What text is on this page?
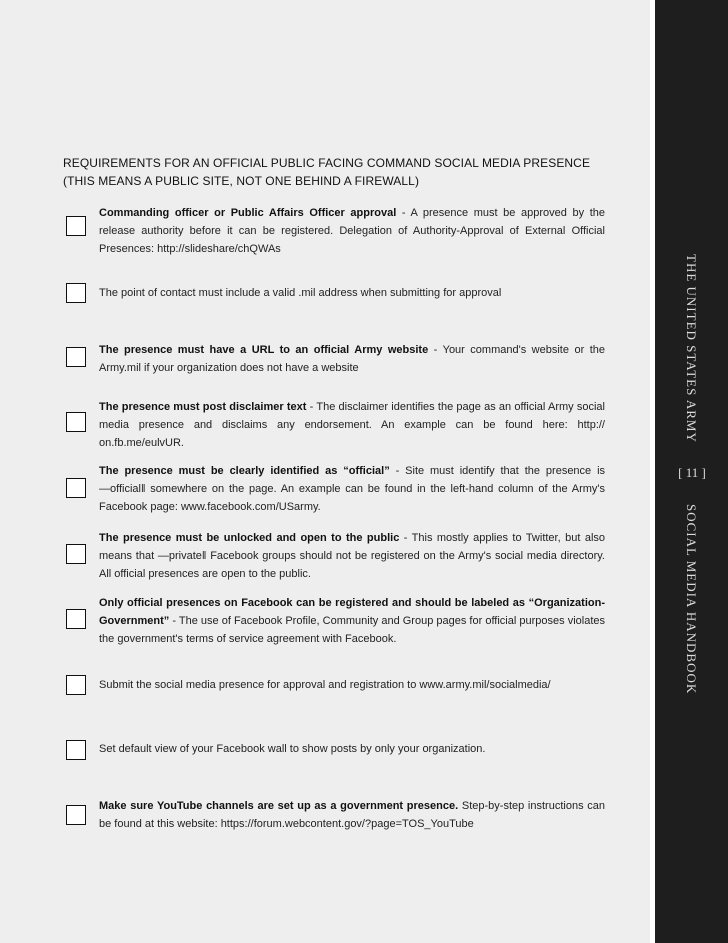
REQUIREMENTS FOR AN OFFICIAL PUBLIC FACING COMMAND SOCIAL MEDIA PRESENCE
(THIS MEANS A PUBLIC SITE, NOT ONE BEHIND A FIREWALL)
Commanding officer or Public Affairs Officer approval - A presence must be approved by the release authority before it can be registered. Delegation of Authority-Approval of External Official Presences: http://slideshare/chQWAs
The point of contact must include a valid .mil address when submitting for approval
The presence must have a URL to an official Army website - Your command's website or the Army.mil if your organization does not have a website
The presence must post disclaimer text - The disclaimer identifies the page as an official Army social media presence and disclaims any endorsement. An example can be found here: http:// on.fb.me/eulvUR.
The presence must be clearly identified as “official” - Site must identify that the presence is ―officialǁ somewhere on the page. An example can be found in the left-hand column of the Army's Facebook page: www.facebook.com/USarmy.
The presence must be unlocked and open to the public - This mostly applies to Twitter, but also means that ―privateǁ Facebook groups should not be registered on the Army's social media directory. All official presences are open to the public.
Only official presences on Facebook can be registered and should be labeled as “Organization-Government” - The use of Facebook Profile, Community and Group pages for official purposes violates the government's terms of service agreement with Facebook.
Submit the social media presence for approval and registration to www.army.mil/socialmedia/
Set default view of your Facebook wall to show posts by only your organization.
Make sure YouTube channels are set up as a government presence. Step-by-step instructions can be found at this website: https://forum.webcontent.gov/?page=TOS_YouTube
THE UNITED STATES ARMY
[ 11 ]
SOCIAL MEDIA HANDBOOK
